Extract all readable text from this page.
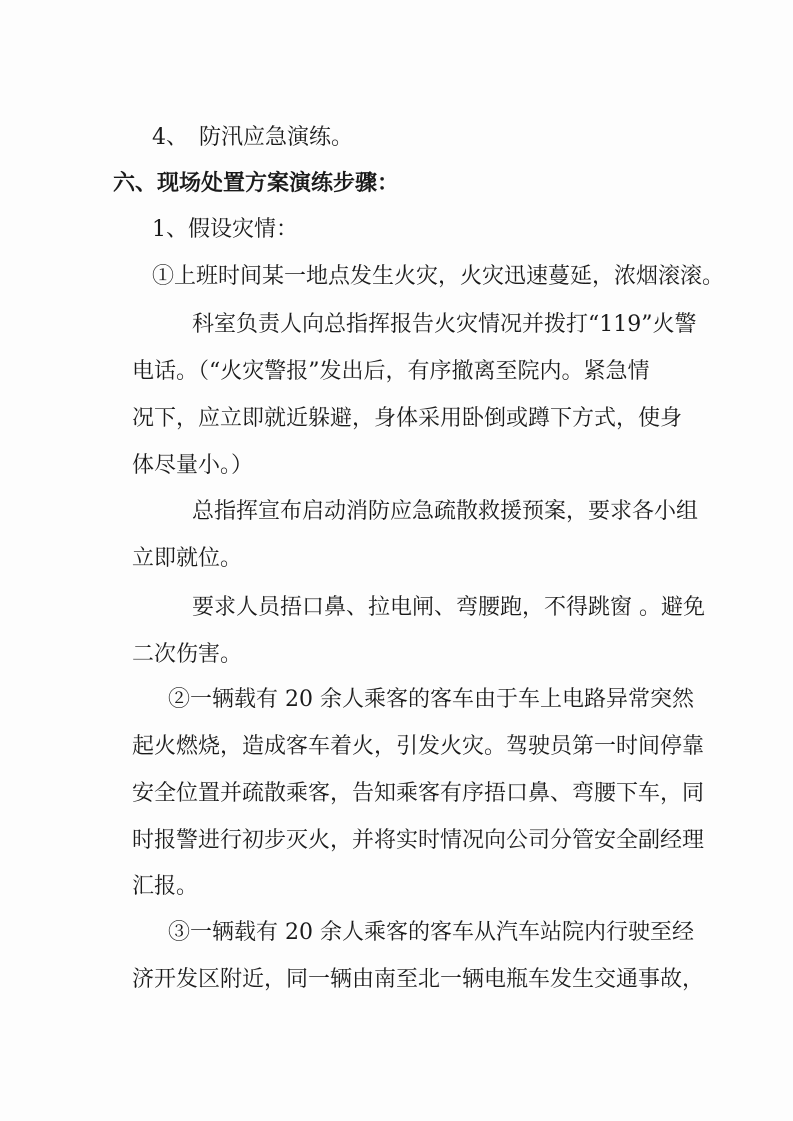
4、　防汛应急演练。
六、现场处置方案演练步骤：
1、假设灾情：
①上班时间某一地点发生火灾，火灾迅速蔓延，浓烟滚滚。
科室负责人向总指挥报告火灾情况并拨打“119”火警
电话。（“火灾警报”发出后，有序撤离至院内。紧急情
况下，应立即就近躲避，身体采用卧倒或蹲下方式，使身
体尽量小。）
总指挥宣布启动消防应急疏散救援预案，要求各小组
立即就位。
要求人员捂口鼻、拉电闸、弯腰跑，不得跳窗 。避免
二次伤害。
②一辆载有 20 余人乘客的客车由于车上电路异常突然
起火燃烧，造成客车着火，引发火灾。驾驶员第一时间停靠
安全位置并疏散乘客，告知乘客有序捂口鼻、弯腰下车，同
时报警进行初步灭火，并将实时情况向公司分管安全副经理
汇报。
③一辆载有 20 余人乘客的客车从汽车站院内行驶至经
济开发区附近，同一辆由南至北一辆电瓶车发生交通事故，
